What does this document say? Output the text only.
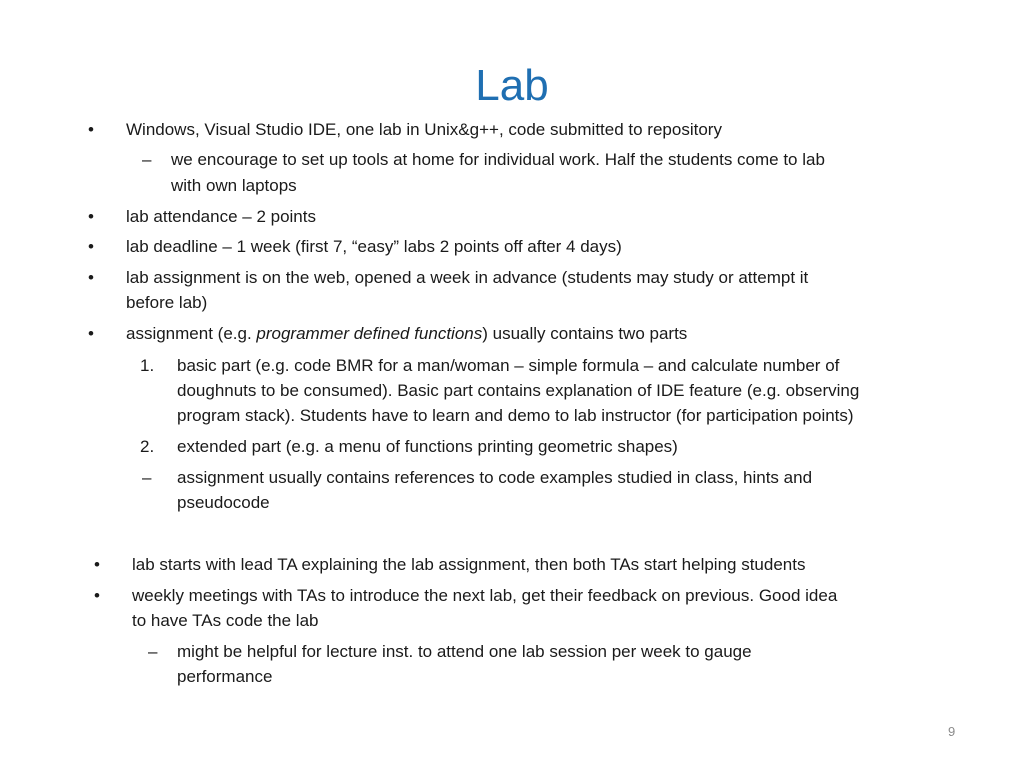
Lab
• Windows, Visual Studio IDE, one lab in Unix&g++, code submitted to repository
– we encourage to set up tools at home for individual work. Half the students come to lab
with own laptops
• lab attendance – 2 points
• lab deadline – 1 week (first 7, “easy” labs 2 points off after 4 days)
• lab assignment is on the web, opened a week in advance (students may study or attempt it
before lab)
• assignment (e.g. programmer defined functions) usually contains two parts
1. basic part (e.g. code BMR for a man/woman – simple formula – and calculate number of
doughnuts to be consumed). Basic part contains explanation of IDE feature (e.g. observing
program stack). Students have to learn and demo to lab instructor (for participation points)
2. extended part (e.g. a menu of functions printing geometric shapes)
– assignment usually contains references to code examples studied in class, hints and
pseudocode
• lab starts with lead TA explaining the lab assignment, then both TAs start helping students
• weekly meetings with TAs to introduce the next lab, get their feedback on previous. Good idea
to have TAs code the lab
– might be helpful for lecture inst. to attend one lab session per week to gauge
performance
9
